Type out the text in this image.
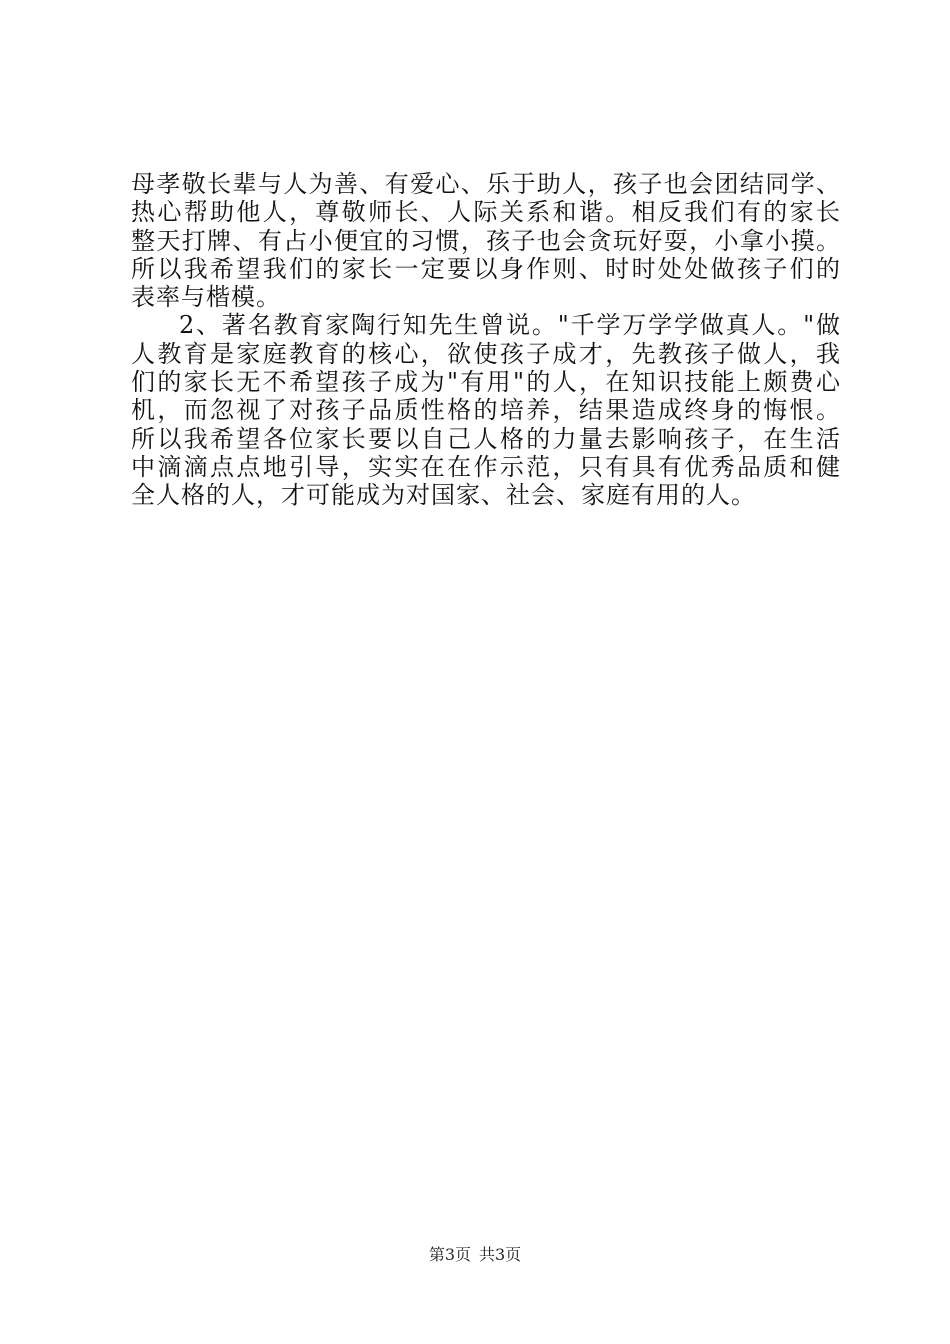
母孝敬长辈与人为善、有爱心、乐于助人，孩子也会团结同学、
热心帮助他人，尊敬师长、人际关系和谐。相反我们有的家长
整天打牌、有占小便宜的习惯，孩子也会贪玩好耍，小拿小摸。
所以我希望我们的家长一定要以身作则、时时处处做孩子们的
表率与楷模。
2、著名教育家陶行知先生曾说。"千学万学学做真人。"做
人教育是家庭教育的核心，欲使孩子成才，先教孩子做人，我
们的家长无不希望孩子成为"有用"的人，在知识技能上颇费心
机，而忽视了对孩子品质性格的培养，结果造成终身的悔恨。
所以我希望各位家长要以自己人格的力量去影响孩子，在生活
中滴滴点点地引导，实实在在作示范，只有具有优秀品质和健
全人格的人，才可能成为对国家、社会、家庭有用的人。
第3页 共3页
